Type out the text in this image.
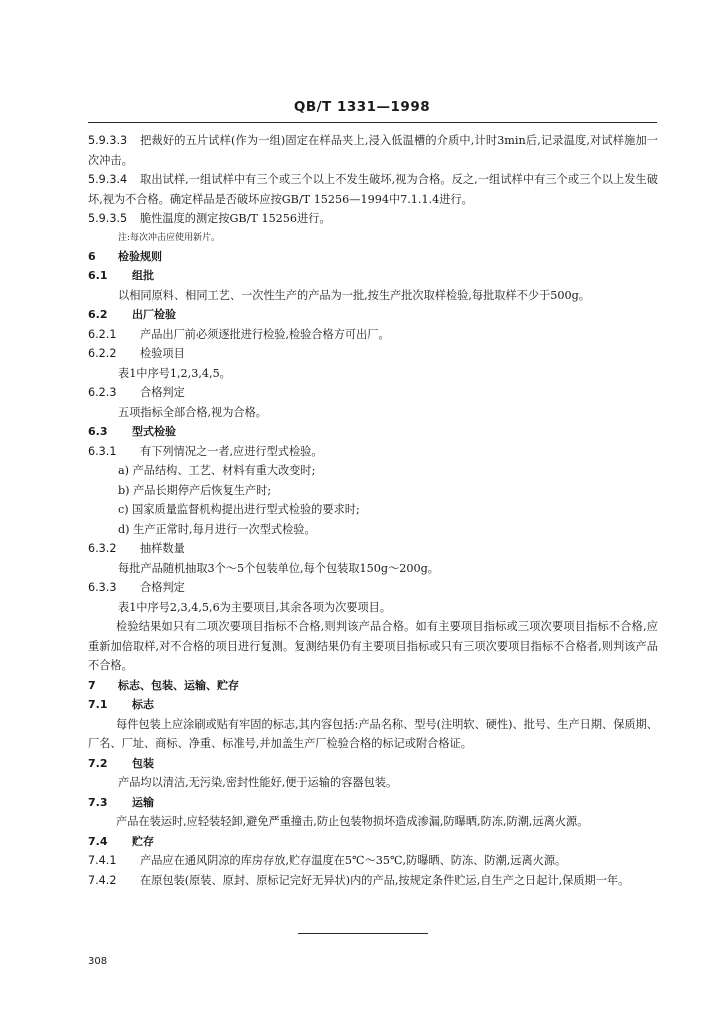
QB/T 1331—1998

5.9.3.3 把裁好的五片试样(作为一组)固定在样品夹上,浸入低温槽的介质中,计时3min后,记录温度,对试样施加一次冲击。

5.9.3.4 取出试样,一组试样中有三个或三个以上不发生破坏,视为合格。反之,一组试样中有三个或三个以上发生破坏,视为不合格。确定样品是否破坏应按GB/T 15256—1994中7.1.1.4进行。

5.9.3.5 脆性温度的测定按GB/T 15256进行。

注:每次冲击应使用新片。

6 检验规则

6.1 组批

以相同原料、相同工艺、一次性生产的产品为一批,按生产批次取样检验,每批取样不少于500g。

6.2 出厂检验

6.2.1 产品出厂前必须逐批进行检验,检验合格方可出厂。

6.2.2 检验项目

表1中序号1,2,3,4,5。

6.2.3 合格判定

五项指标全部合格,视为合格。

6.3 型式检验

6.3.1 有下列情况之一者,应进行型式检验。

a) 产品结构、工艺、材料有重大改变时;

b) 产品长期停产后恢复生产时;

c) 国家质量监督机构提出进行型式检验的要求时;

d) 生产正常时,每月进行一次型式检验。

6.3.2 抽样数量

每批产品随机抽取3个～5个包装单位,每个包装取150g～200g。

6.3.3 合格判定

表1中序号2,3,4,5,6为主要项目,其余各项为次要项目。

检验结果如只有二项次要项目指标不合格,则判该产品合格。如有主要项目指标或三项次要项目指标不合格,应重新加倍取样,对不合格的项目进行复测。复测结果仍有主要项目指标或只有三项次要项目指标不合格者,则判该产品不合格。

7 标志、包装、运输、贮存

7.1 标志

每件包装上应涂刷或贴有牢固的标志,其内容包括:产品名称、型号(注明软、硬性)、批号、生产日期、保质期、厂名、厂址、商标、净重、标准号,并加盖生产厂检验合格的标记或附合格证。

7.2 包装

产品均以清洁,无污染,密封性能好,便于运输的容器包装。

7.3 运输

产品在装运时,应轻装轻卸,避免严重撞击,防止包装物损坏造成渗漏,防曝晒,防冻,防潮,远离火源。

7.4 贮存

7.4.1 产品应在通风阴凉的库房存放,贮存温度在5℃～35℃,防曝晒、防冻、防潮,远离火源。

7.4.2 在原包装(原装、原封、原标记完好无异状)内的产品,按规定条件贮运,自生产之日起计,保质期一年。

308
